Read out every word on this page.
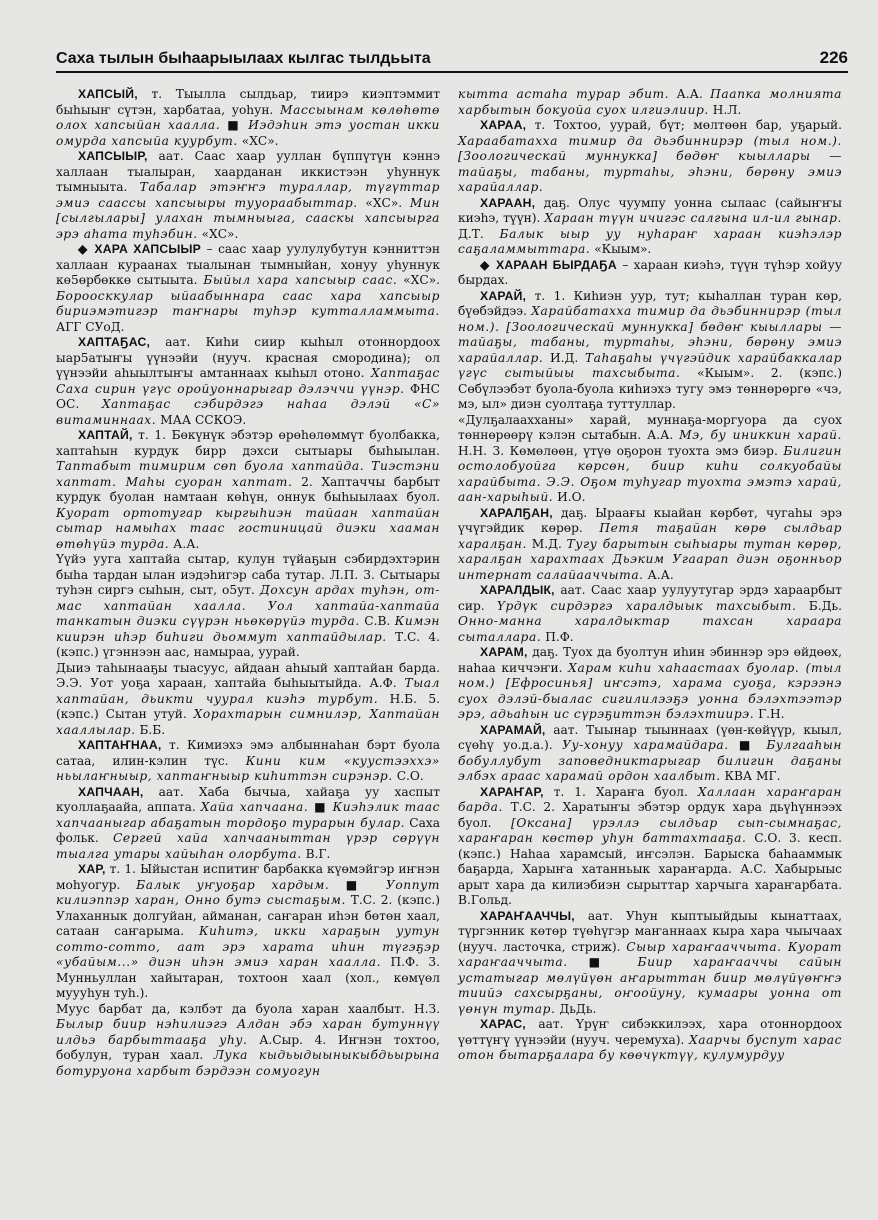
Саха тылын быһаарыылаах кылгас тылдьыта	226

ХАПСЫЙ, т. Тыылла сылдьар, тиирэ киэптэммит быһыыҥ сүтэн, харбатаа, уоһун. Массыынам көлөһөтө олох хапсыйан хаалла. ■ Иэдэһин этэ уостан икки омурда хапсыйа куурбут. «ХС».

ХАПСЫЫР, аат. Саас хаар ууллан бүппүтүн кэннэ халлаан тыалыран, хаарданан иккистээн уһуннук тымныыта. Табалар этэҥҥэ тураллар, түгүттар эмиэ саассы хапсыыры тууораабыттар. «ХС». Мин [сылгылары] улахан тымныыга, сааскы хапсыырга эрэ аһата туһэбин. «ХС».

◆ ХАРА ХАПСЫЫР – саас хаар уулулубутун кэнниттэн халлаан кураанах тыалынан тымныйан, хонуу уһуннук кө5өрбөккө сытыыта. Быйыл хара хапсыыр саас. «ХС». Бороосккулар ыйаабыннара саас хара хапсыыр бириэмэтигэр таҥнары туһэр кутталламмыта. АГГ СУоД.

ХАПТАҔАС, аат. Киһи сиир кыһыл отоннордоох ыар5атыҥы үүнээйи (нууч. красная смородина); ол үүнээйи аһыылтыҥы амтаннаах кыһыл отоно. Хаптаҕас Саха сирин үгүс оройуоннарыгар дэлэччи үүнэр. ФНС ОС. Хаптаҕас сэбирдэгэ наһаа дэлэй «С» витаминнаах. МАА ССКОЭ.

ХАПТАЙ, т. 1. Бөкүнүк эбэтэр өрөһөлөммүт буолбакка, хаптаһын курдук бирр дэхси сытыары быһыылан. Таптабыт тимирим сөп буола хаптайда. Тиэстэни хаптат. Маһы суоран хаптат. 2. Хаптаччы барбыт курдук буолан намтаан көһүн, оннук быһыылаах буол. Куорат ортотугар кыргыһиэн тайаан хаптайан сытар намыһах таас гостиницай диэки хааман өтөһүйэ турда. А.А.

Үүйэ ууга хаптайа сытар, кулун түйаҕын сэбирдэхтэрин быһа тардан ылан иэдэһигэр саба тутар. Л.П. 3. Сытыары туһэн сиргэ сыһын, сыт, о5ут. Дохсун ардах туһэн, от-мас хаптайан хаалла. Уол хаптайа-хаптайа танкатын диэки сүүрэн ньөкөрүйэ турда. С.В. Кимэн киирэн иһэр биһиги дьоммут хаптайдылар. Т.С. 4. (кэпс.) үгэннээн аас, намыраа, уурай.

Дыиэ таһынааҕы тыасуус, айдаан аһыый хаптайан барда. Э.Э. Уот уоҕа хараан, хаптайа быһыытыйда. А.Ф. Тыал хаптайан, дьикти чуурал киэһэ турбут. Н.Б. 5. (кэпс.) Сытан утуй. Хорахтарын симнилэр, Хаптайан хааллылар. Б.Б.

ХАПТАҤНАА, т. Кимиэхэ эмэ албыннаһан бэрт буола сатаа, илин-кэлин түс. Кини ким «куустээххэ» ньылаҥныыр, хаптаҥныыр киһиттэн сирэнэр. С.О.

ХАПЧААН, аат. Хаба бычыа, хайаҕа уу хаспыт куоллаҕаайа, аппата. Хайа хапчаана. ■ Киэһэлик таас хапчааныгар абаҕатын тордоҕо турарын булар. Саха фольк. Сергей хайа хапчааныттан үрэр сөрүүн тыалга утары хайыһан олорбута. В.Г.

ХАР, т. 1. Ыйыстан испитиҥ барбакка күөмэйгэр иҥнэн моһуогур. Балык уҥуоҕар хардым. ■ Уоппут килиэппэр харан, Онно бутэ сыстаҕым. Т.С. 2. (кэпс.) Улаханнык долгуйан, айманан, саҥаран иһэн бөтөн хаал, сатаан саҥарыма. Киһитэ, икки хараҕын уутун сотто-сотто, аат эрэ харата иһин түгэҕэр «убайым...» диэн иһэн эмиэ харан хаалла. П.Ф. 3. Мунньуллан хайытаран, тохтоон хаал (хол., көмүөл муууһун туһ.).

Муус барбат да, кэлбэт да буола харан хаалбыт. Н.З. Былыр биир нэһилиэгэ Алдан эбэ харан бутуннүү илдьэ барбыттааҕа уһу. А.Сыр. 4. Иҥнэн тохтоо, бобулун, туран хаал. Лука кыдьыдыыныкыбдьырына ботуруона харбыт бэрдээн сомуогун

кытта астаһа турар эбит. А.А. Паапка молнията харбытын бокуойа суох илгиэлиир. Н.Л.

ХАРАА, т. Тохтоо, уурай, бүт; мөлтөөн бар, уҕарый. Хараабатахха тимир да дьэбиннирэр (тыл ном.). [Зоологическай муннукка] бөдөҥ кыыллары — тайаҕы, табаны, туртаһы, эһэни, бөрөну эмиэ харайаллар.

ХАРААН, даҕ. Олус чуумпу уонна сылаас (сайыҥҥы киэһэ, түүн). Хараан түүн ичигэс салгына ил-ил гынар. Д.Т. Балык ыыр уу нуһараҥ хараан киэһэлэр саҕаламмыттара. «Кыым».

◆ ХАРААН БЫРДАҔА – хараан киэһэ, түүн түһэр хойуу бырдах.

ХАРАЙ, т. 1. Киһиэн уур, тут; кыһаллан туран көр, бүөбэйдээ. Харайбатахха тимир да дьэбиннирэр (тыл ном.). [Зоологическай муннукка] бөдөҥ кыыллары — тайаҕы, табаны, туртаһы, эһэни, бөрөну эмиэ харайаллар. И.Д. Таһаҕаһы үчүгэйдик харайбаккалар үгүс сытыйыы тахсыбыта. «Кыым». 2. (кэпс.) Сөбүлээбэт буола-буола киһиэхэ тугу эмэ төннөрөргө «чэ, мэ, ыл» диэн суолтаҕа туттуллар.

«Дулҕалаахханы» харай, муннаҕа-моргуора да суох төннөрөөрү кэлэн сытабын. А.А. Мэ, бу иниккин харай. Н.Н. 3. Көмөлөөн, үтүө оҕорон туохта эмэ биэр. Билигин остолобуойга көрсөн, биир киһи солкуобайы харайбыта. Э.Э. Оҕом туһугар туохта эмэтэ харай, аан-харыһый. И.О.

ХАРАЛҔАН, даҕ. Ыраағы кыайан көрбөт, чугаһы эрэ үчүгэйдик көрөр. Петя таҕайан көрө сылдьар харалҕан. М.Д. Тугу барытын сыһыары тутан көрөр, харалҕан харахтаах Дьэким Угаарап диэн оҕонньор интернат салайааччыта. А.А.

ХАРАЛДЫК, аат. Саас хаар уулуутугар эрдэ хараарбыт сир. Үрдүк сирдэргэ хаpалдыык тахсыбыт. Б.Дь. Онно-манна хаpалдыктар тахсан харaара сыталлара. П.Ф.

ХАРАМ, даҕ. Туох да буолтун иһин эбиннэр эрэ өйдөөх, наһаа киччэҥи. Харам киһи хаһаастаах буолар. (тыл ном.) [Ефросинья] иҥсэтэ, харама суоҕа, кэрээнэ суох дэлэй-быалас сигилилээҕэ уонна бэлэхтээтэр эрэ, адьаһын ис сүрэҕиттэн бэлэхтиирэ. Г.Н.

ХАРАМАЙ, аат. Тыынар тыыннаах (үөн-көйүүр, кыыл, сүөһү уо.д.а.). Уу-хонуу харамайдара. ■ Булгааһын бобуллубут заповедниктарыгар билигин даҕаны элбэх араас харамай ордон хаалбыт. КВА МГ.

ХАРАҤАР, т. 1. Хараҥа буол. Халлаан хараҥаран барда. Т.С. 2. Харатыҥы эбэтэр ордук хара дьүһүннээх буол. [Оксана] үрэллэ сылдьар сып-сымнаҕас, хараҥаран көстөр уһун баттахтааҕа. С.О. 3. кесп. (кэпс.) Наһаа харамсый, иҥсэлэн. Барыска баһааммык баҕарда, Харыҥа хатанньык хараҥарда. А.С. Хабырыыс арыт хара да килиэбиэн сырыттар харчыга хараҥарбата. В.Гольд.

ХАРАҤААЧЧЫ, аат. Уһун кыптыыйдыы кынаттаах, түргэнник көтөр түөһүгэр маҥаннаах кыра хара чыычаах (нууч. ласточка, стриж). Сыыр хараҥааччыта. Куорат хараҥааччыта. ■ Биир хараҥааччы сайын устатыгар мөлүйүөн аҥарыттан биир мөлүйүөҥҥэ тиийэ сахсырҕаны, оҥоойуну, кумаары уонна от үөнүн тутар. ДьДь.

ХАРАС, аат. Үрүҥ сибэккилээх, хара отоннордоох үөттүҥү үүнээйи (нууч. черемуха). Хаарчы буспут харас отон бытарҕалара бу көөчүктүү, кулумурдуу
